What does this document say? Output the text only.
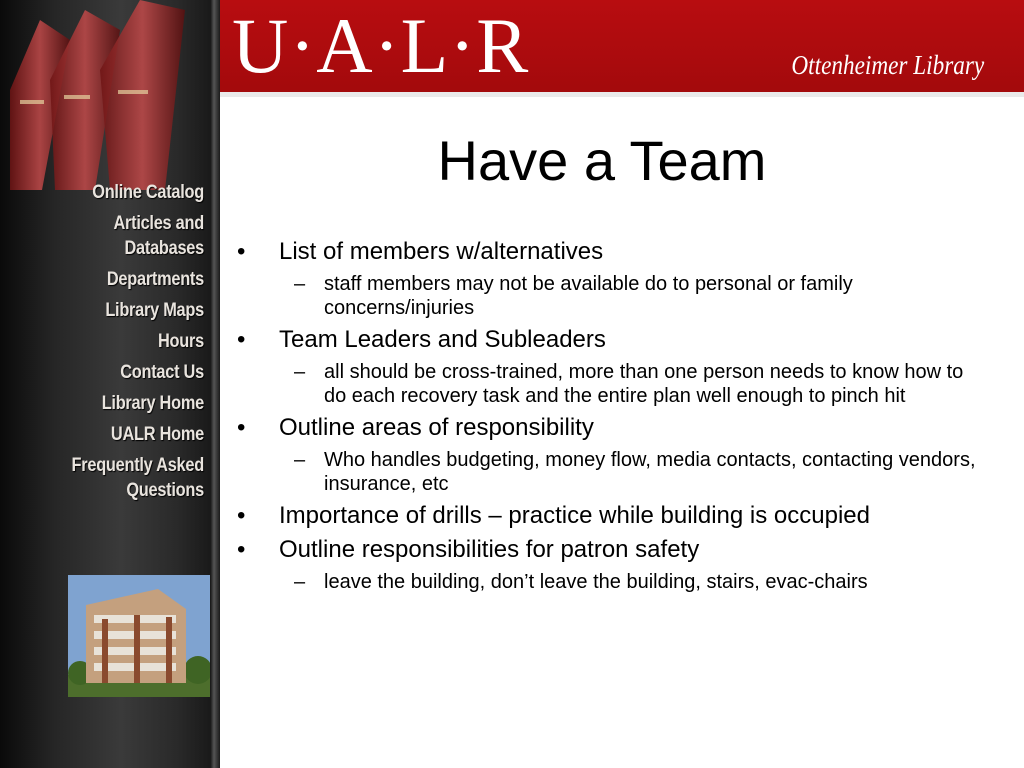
Online Catalog
Articles and
Databases
Departments
Library Maps
Hours
Contact Us
Library Home
UALR Home
Frequently Asked
Questions
U·A·L·R	Ottenheimer Library
Have a Team
• List of members w/alternatives
– staff members may not be available do to personal or family concerns/injuries
• Team Leaders and Subleaders
– all should be cross-trained, more than one person needs to know how to do each recovery task and the entire plan well enough to pinch hit
• Outline areas of responsibility
– Who handles budgeting, money flow, media contacts, contacting vendors, insurance, etc
• Importance of drills – practice while building is occupied
• Outline responsibilities for patron safety
– leave the building, don’t leave the building, stairs, evac-chairs
